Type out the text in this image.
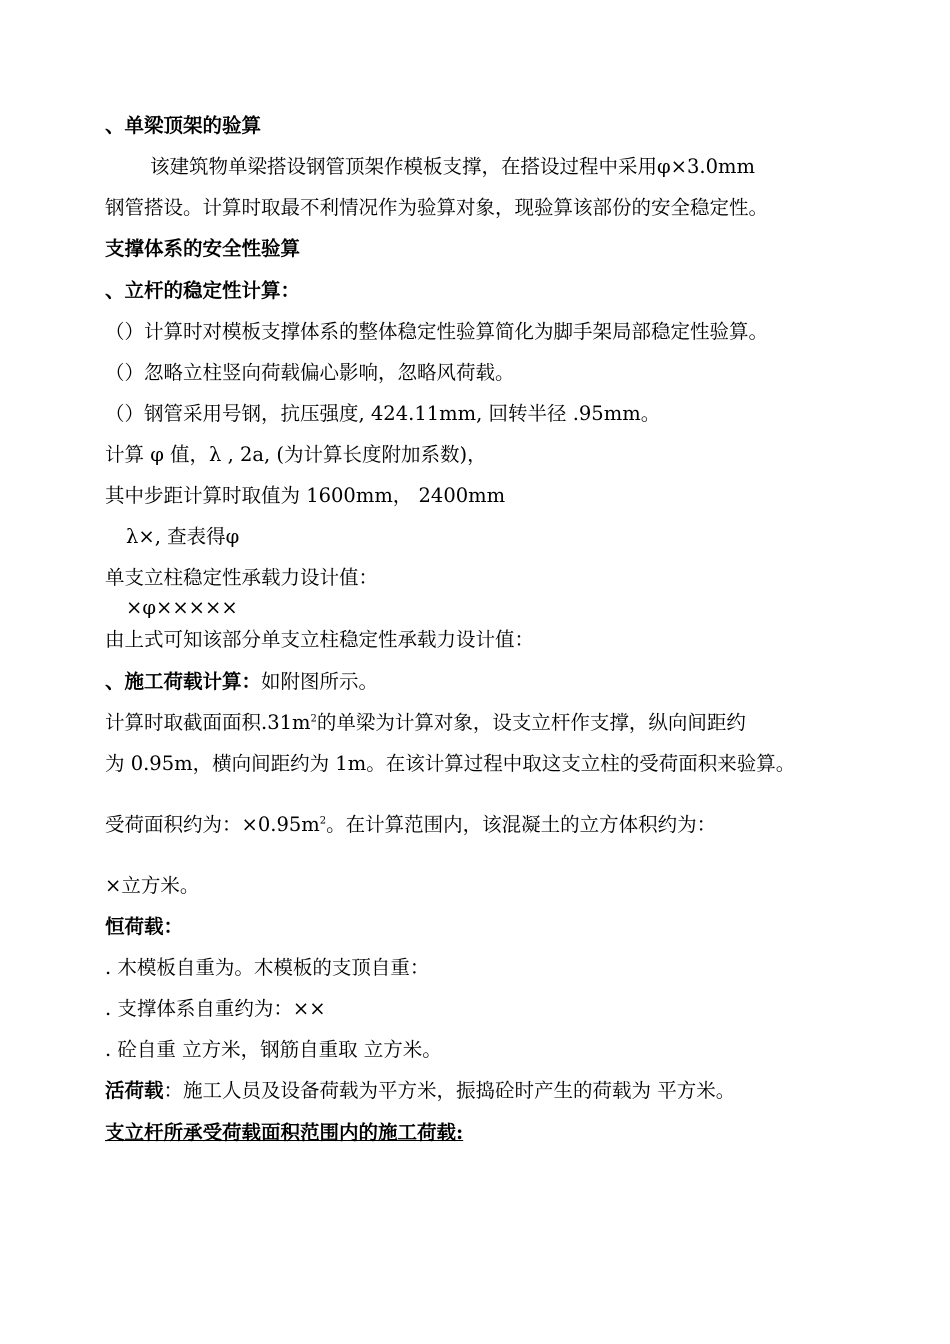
、单梁顶架的验算
该建筑物单梁搭设钢管顶架作模板支撑，在搭设过程中采用φ×3.0mm
钢管搭设。计算时取最不利情况作为验算对象，现验算该部份的安全稳定性。
支撑体系的安全性验算
、立杆的稳定性计算：
（）计算时对模板支撑体系的整体稳定性验算简化为脚手架局部稳定性验算。
（）忽略立柱竖向荷载偏心影响，忽略风荷载。
（）钢管采用号钢，抗压强度, 424.11mm, 回转半径 .95mm。
计算 φ 值，λ , 2a, (为计算长度附加系数)，
其中步距计算时取值为 1600mm， 2400mm
λ×, 查表得φ
单支立柱稳定性承载力设计值：
×φ×××××
由上式可知该部分单支立柱稳定性承载力设计值：
、施工荷载计算：如附图所示。
计算时取截面面积$.31m^2$的单梁为计算对象，设支立杆作支撑，纵向间距约
为 0.95m，横向间距约为 1m。在该计算过程中取这支立柱的受荷面积来验算。
受荷面积约为：$\times 0.95m^2$。在计算范围内，该混凝土的立方体积约为：
×立方米。
恒荷载：
. 木模板自重为。木模板的支顶自重：
. 支撑体系自重约为：××
. 砼自重 立方米，钢筋自重取 立方米。
活荷载：施工人员及设备荷载为平方米，振捣砼时产生的荷载为 平方米。
支立杆所承受荷载面积范围内的施工荷载:
